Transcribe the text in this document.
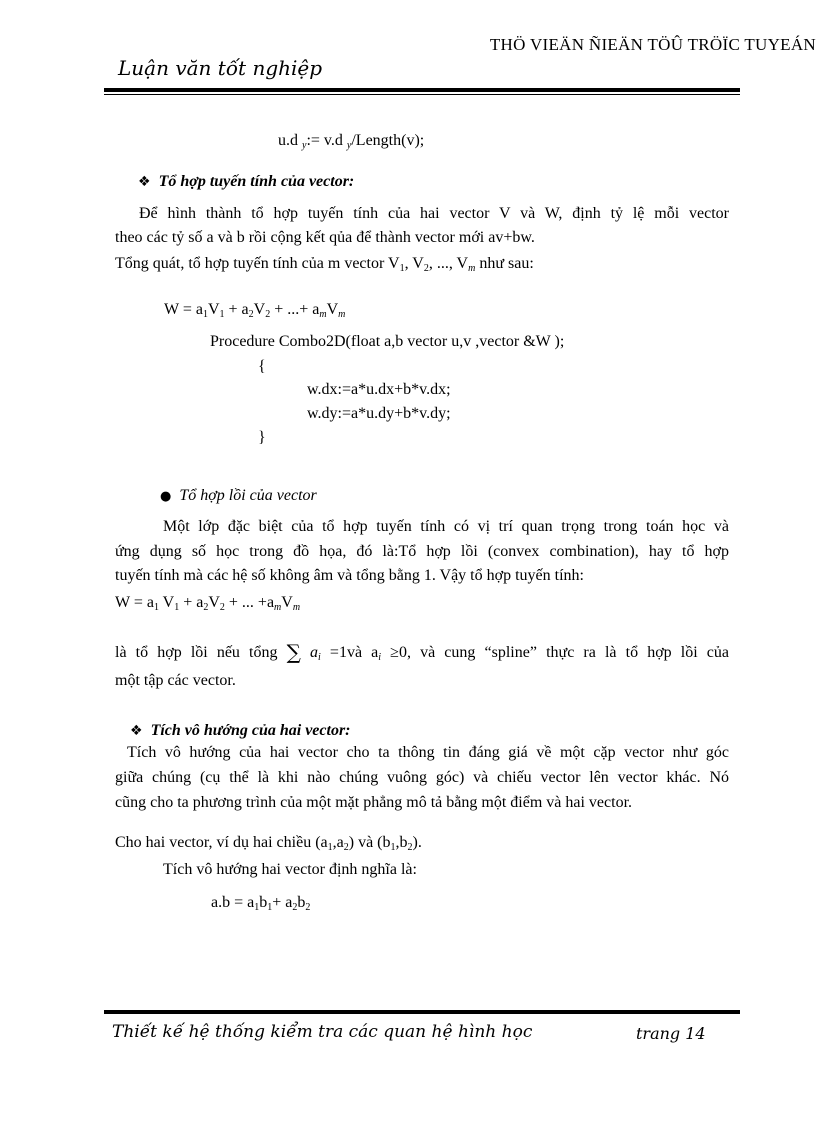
THÖ VIEÄN ÑIEÄN TÖÛ TRÖÏC TUYEÁN
Luận văn tốt nghiệp
u.d $_y$:= v.d $_y$/Length(v);
❖ Tổ hợp tuyến tính của vector:
Để hình thành tổ hợp tuyến tính của hai vector V và W, định tỷ lệ mỗi vector
theo các tỷ số a và b rồi cộng kết qủa để thành vector mới av+bw.
Tổng quát, tổ hợp tuyến tính của m vector $V_1$, $V_2$, ..., $V_m$ như sau:
$W = a_1V_1 + a_2V_2$ + ...+ $a_mV_m$
Procedure Combo2D(float a,b vector u,v ,vector &W );
{
w.dx:=a*u.dx+b*v.dx;
w.dy:=a*u.dy+b*v.dy;
}
● Tổ hợp lồi của vector
Một lớp đặc biệt của tổ hợp tuyến tính có vị trí quan trọng trong toán học và
ứng dụng số học trong đồ họa, đó là:Tổ hợp lồi (convex combination), hay tổ hợp
tuyến tính mà các hệ số không âm và tổng bằng 1. Vậy tổ hợp tuyến tính:
$W = a_1$ $V_1 + a_2V_2$ + ... $+a_mV_m$
là tổ hợp lồi nếu tổng ∑ $a_i$ =1và $a_i \ge 0$, và cung “spline” thực ra là tổ hợp lồi của
một tập các vector.
❖ Tích vô hướng của hai vector:
Tích vô hướng của hai vector cho ta thông tin đáng giá về một cặp vector như góc
giữa chúng (cụ thể là khi nào chúng vuông góc) và chiếu vector lên vector khác. Nó
cũng cho ta phương trình của một mặt phẳng mô tả bằng một điểm và hai vector.
Cho hai vector, ví dụ hai chiều $(a_1,a_2)$ và $(b_1,b_2)$.
Tích vô hướng hai vector định nghĩa là:
$a.b = a_1b_1+ a_2b_2$
Thiết kế hệ thống kiểm tra các quan hệ hình học	trang 14
